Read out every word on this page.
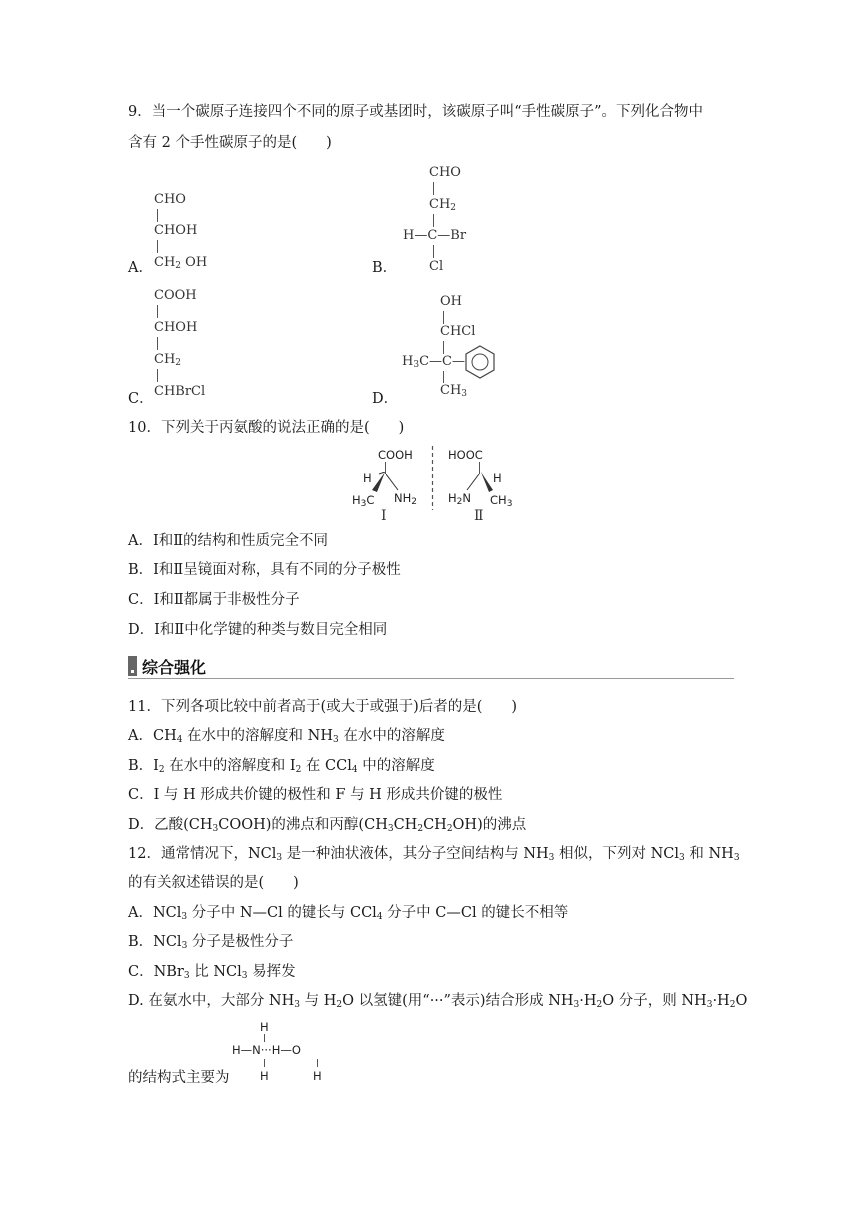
9．当一个碳原子连接四个不同的原子或基团时，该碳原子叫“手性碳原子”。下列化合物中
含有 2 个手性碳原子的是(　　)
CHO
CHOH
$CH_2$ OH
A．
CHO
$CH_2$
H—C—Br
Cl
B．
COOH
CHOH
$CH_2$
CHBrCl
C．
OH
CHCl
$H_3C—C—$
$CH_3$
D．
10．下列关于丙氨酸的说法正确的是(　　)
COOH
H
$H_3C$ $NH_2$
Ⅰ
HOOC
H
$H_2N$ $CH_3$
Ⅱ
A．Ⅰ和Ⅱ的结构和性质完全不同
B．Ⅰ和Ⅱ呈镜面对称，具有不同的分子极性
C．Ⅰ和Ⅱ都属于非极性分子
D．Ⅰ和Ⅱ中化学键的种类与数目完全相同
综合强化
11．下列各项比较中前者高于(或大于或强于)后者的是(　　)
A．$CH_4$ 在水中的溶解度和 $NH_3$ 在水中的溶解度
B．$I_2$ 在水中的溶解度和 $I_2$ 在 CCl$_4$ 中的溶解度
C．I 与 H 形成共价键的极性和 F 与 H 形成共价键的极性
D．乙酸$(CH_3COOH)$的沸点和丙醇$(CH_3CH_2CH_2OH)$的沸点
12．通常情况下，NCl$_3$ 是一种油状液体，其分子空间结构与 $NH_3$ 相似，下列对 NCl$_3$ 和 $NH_3$
的有关叙述错误的是(　　)
A．NCl$_3$ 分子中 N—Cl 的键长与 CCl$_4$ 分子中 C—Cl 的键长不相等
B．NCl$_3$ 分子是极性分子
C．NBr$_3$ 比 NCl$_3$ 易挥发
D. 在氨水中，大部分 $NH_3$ 与 $H_2O$ 以氢键(用“···”表示)结合形成 $NH_3\cdot H_2O$ 分子，则 $NH_3\cdot H_2O$
H
H—N···H—O
H	H
的结构式主要为
